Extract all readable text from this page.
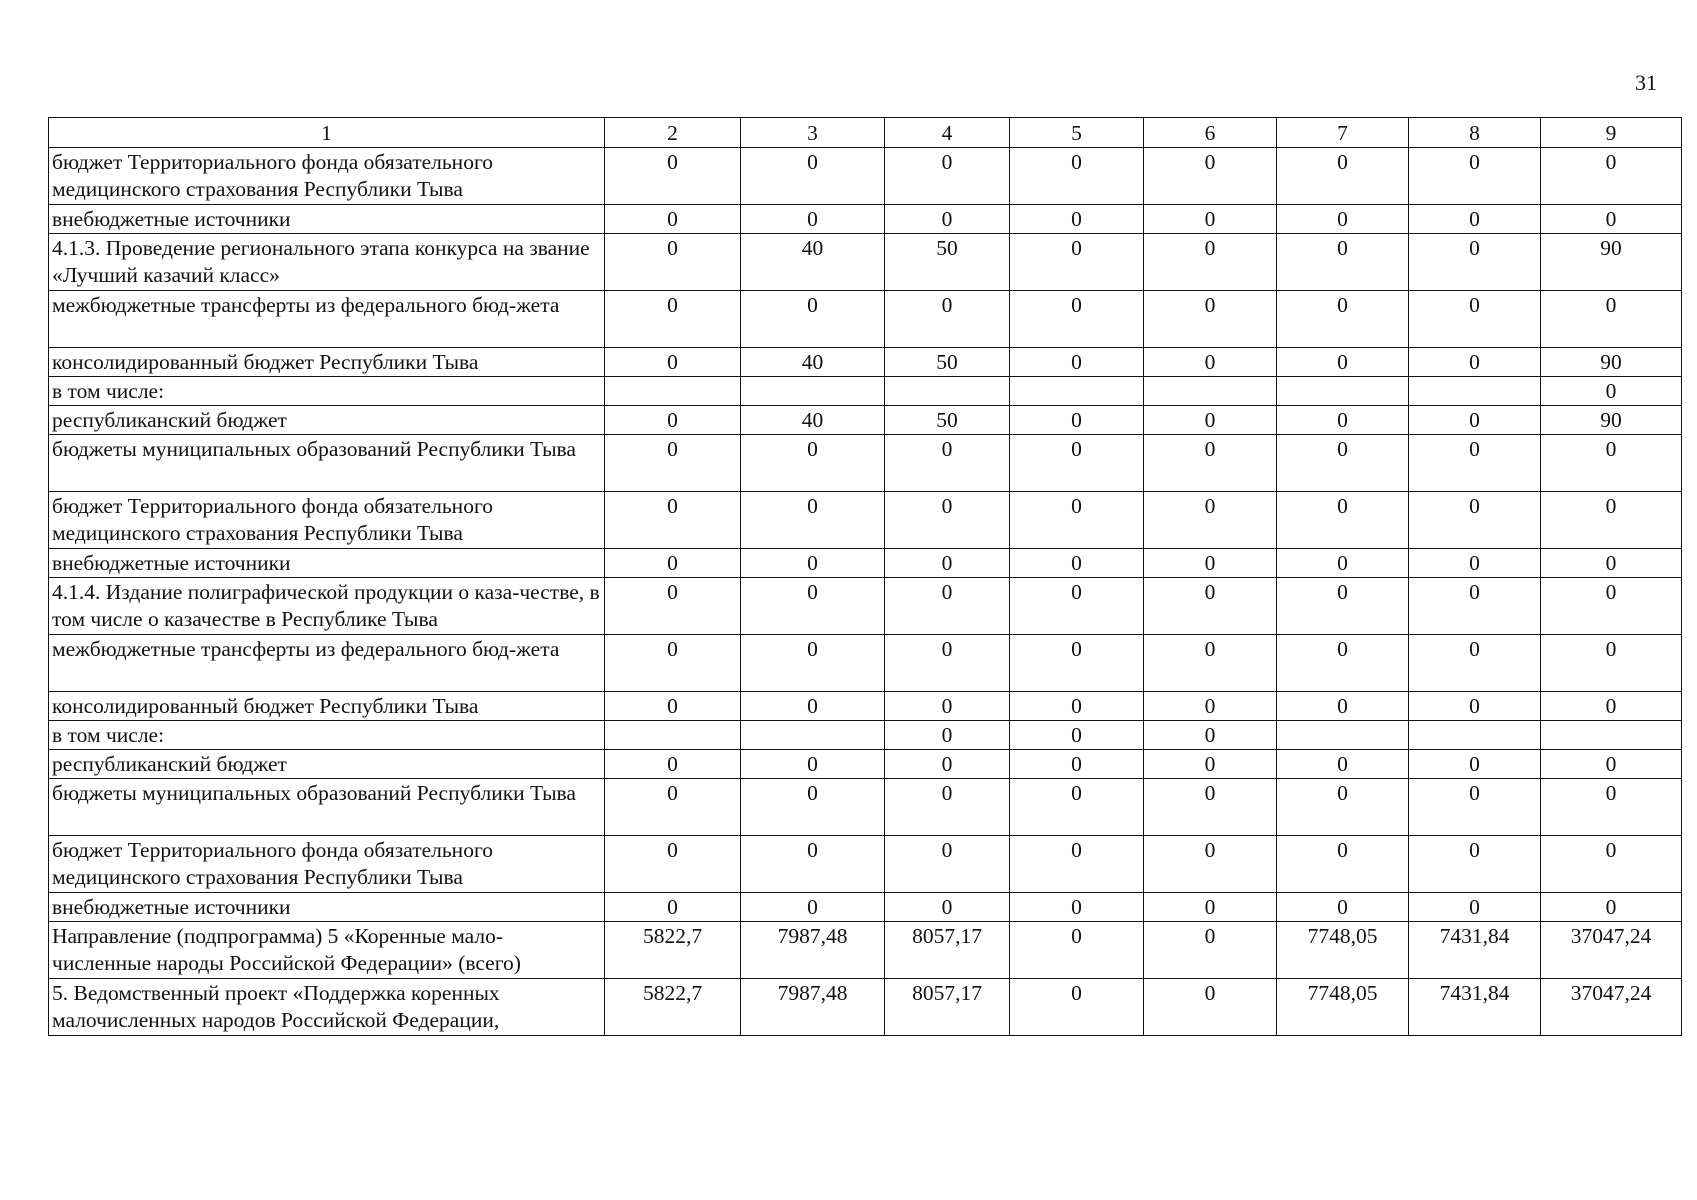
31
1	2	3	4	5	6	7	8	9
бюджет Территориального фонда обязательного медицинского страхования Республики Тыва	0	0	0	0	0	0	0	0
внебюджетные источники	0	0	0	0	0	0	0	0
4.1.3. Проведение регионального этапа конкурса на звание «Лучший казачий класс»	0	40	50	0	0	0	0	90
межбюджетные трансферты из федерального бюд-жета	0	0	0	0	0	0	0	0
консолидированный бюджет Республики Тыва	0	40	50	0	0	0	0	90
в том числе:								0
республиканский бюджет	0	40	50	0	0	0	0	90
бюджеты муниципальных образований Республики Тыва	0	0	0	0	0	0	0	0
бюджет Территориального фонда обязательного медицинского страхования Республики Тыва	0	0	0	0	0	0	0	0
внебюджетные источники	0	0	0	0	0	0	0	0
4.1.4. Издание полиграфической продукции о каза-честве, в том числе о казачестве в Республике Тыва	0	0	0	0	0	0	0	0
межбюджетные трансферты из федерального бюд-жета	0	0	0	0	0	0	0	0
консолидированный бюджет Республики Тыва	0	0	0	0	0	0	0	0
в том числе:			0	0	0			
республиканский бюджет	0	0	0	0	0	0	0	0
бюджеты муниципальных образований Республики Тыва	0	0	0	0	0	0	0	0
бюджет Территориального фонда обязательного медицинского страхования Республики Тыва	0	0	0	0	0	0	0	0
внебюджетные источники	0	0	0	0	0	0	0	0
Направление (подпрограмма) 5 «Коренные мало-численные народы Российской Федерации» (всего)	5822,7	7987,48	8057,17	0	0	7748,05	7431,84	37047,24
5. Ведомственный проект «Поддержка коренных малочисленных народов Российской Федерации,	5822,7	7987,48	8057,17	0	0	7748,05	7431,84	37047,24
